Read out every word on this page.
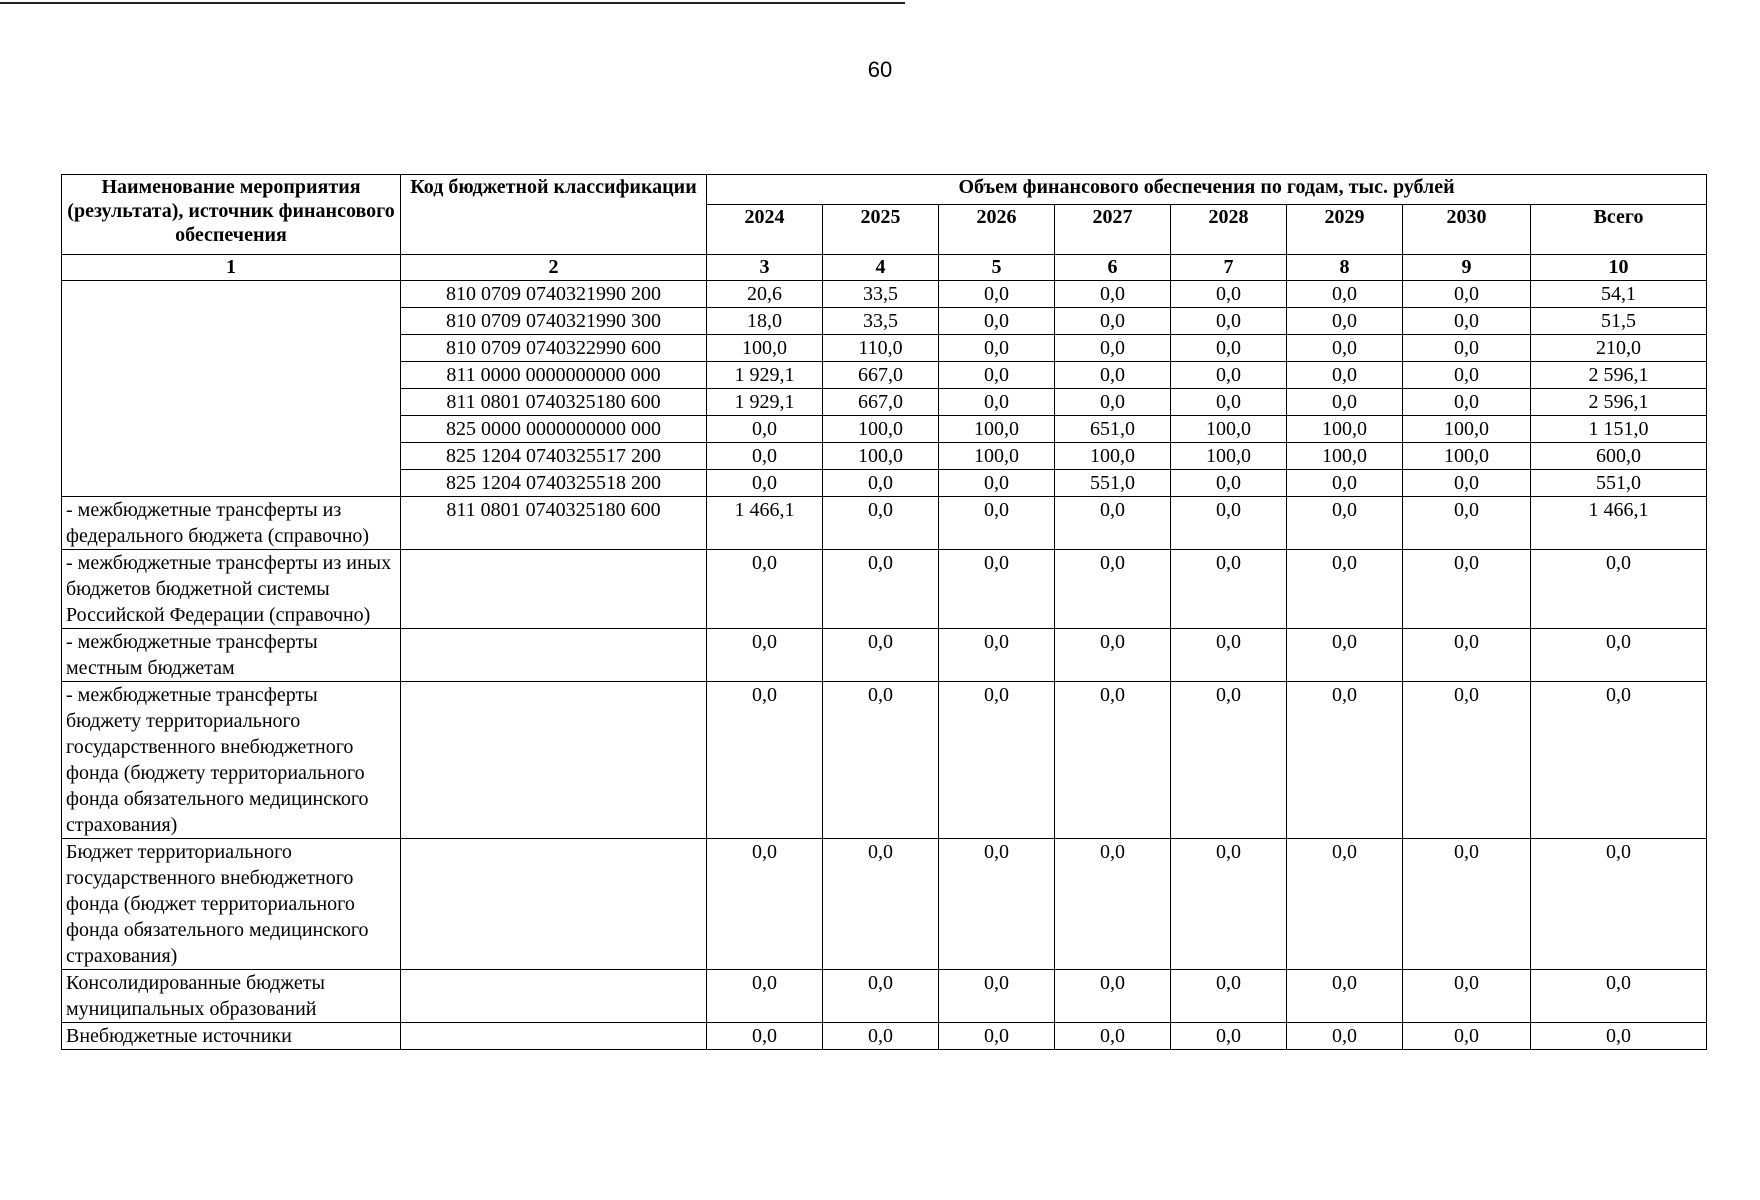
60
Наименование мероприятия (результата), источник финансового обеспечения	Код бюджетной классификации	Объем финансового обеспечения по годам, тыс. рублей							
		2024	2025	2026	2027	2028	2029	2030	Всего
1	2	3	4	5	6	7	8	9	10
	810 0709 0740321990 200	20,6	33,5	0,0	0,0	0,0	0,0	0,0	54,1
	810 0709 0740321990 300	18,0	33,5	0,0	0,0	0,0	0,0	0,0	51,5
	810 0709 0740322990 600	100,0	110,0	0,0	0,0	0,0	0,0	0,0	210,0
	811 0000 0000000000 000	1 929,1	667,0	0,0	0,0	0,0	0,0	0,0	2 596,1
	811 0801 0740325180 600	1 929,1	667,0	0,0	0,0	0,0	0,0	0,0	2 596,1
	825 0000 0000000000 000	0,0	100,0	100,0	651,0	100,0	100,0	100,0	1 151,0
	825 1204 0740325517 200	0,0	100,0	100,0	100,0	100,0	100,0	100,0	600,0
	825 1204 0740325518 200	0,0	0,0	0,0	551,0	0,0	0,0	0,0	551,0
- межбюджетные трансферты из федерального бюджета (справочно)	811 0801 0740325180 600	1 466,1	0,0	0,0	0,0	0,0	0,0	0,0	1 466,1
- межбюджетные трансферты из иных бюджетов бюджетной системы Российской Федерации (справочно)		0,0	0,0	0,0	0,0	0,0	0,0	0,0	0,0
- межбюджетные трансферты местным бюджетам		0,0	0,0	0,0	0,0	0,0	0,0	0,0	0,0
- межбюджетные трансферты бюджету территориального государственного внебюджетного фонда (бюджету территориального фонда обязательного медицинского страхования)		0,0	0,0	0,0	0,0	0,0	0,0	0,0	0,0
Бюджет территориального государственного внебюджетного фонда (бюджет территориального фонда обязательного медицинского страхования)		0,0	0,0	0,0	0,0	0,0	0,0	0,0	0,0
Консолидированные бюджеты муниципальных образований		0,0	0,0	0,0	0,0	0,0	0,0	0,0	0,0
Внебюджетные источники		0,0	0,0	0,0	0,0	0,0	0,0	0,0	0,0
